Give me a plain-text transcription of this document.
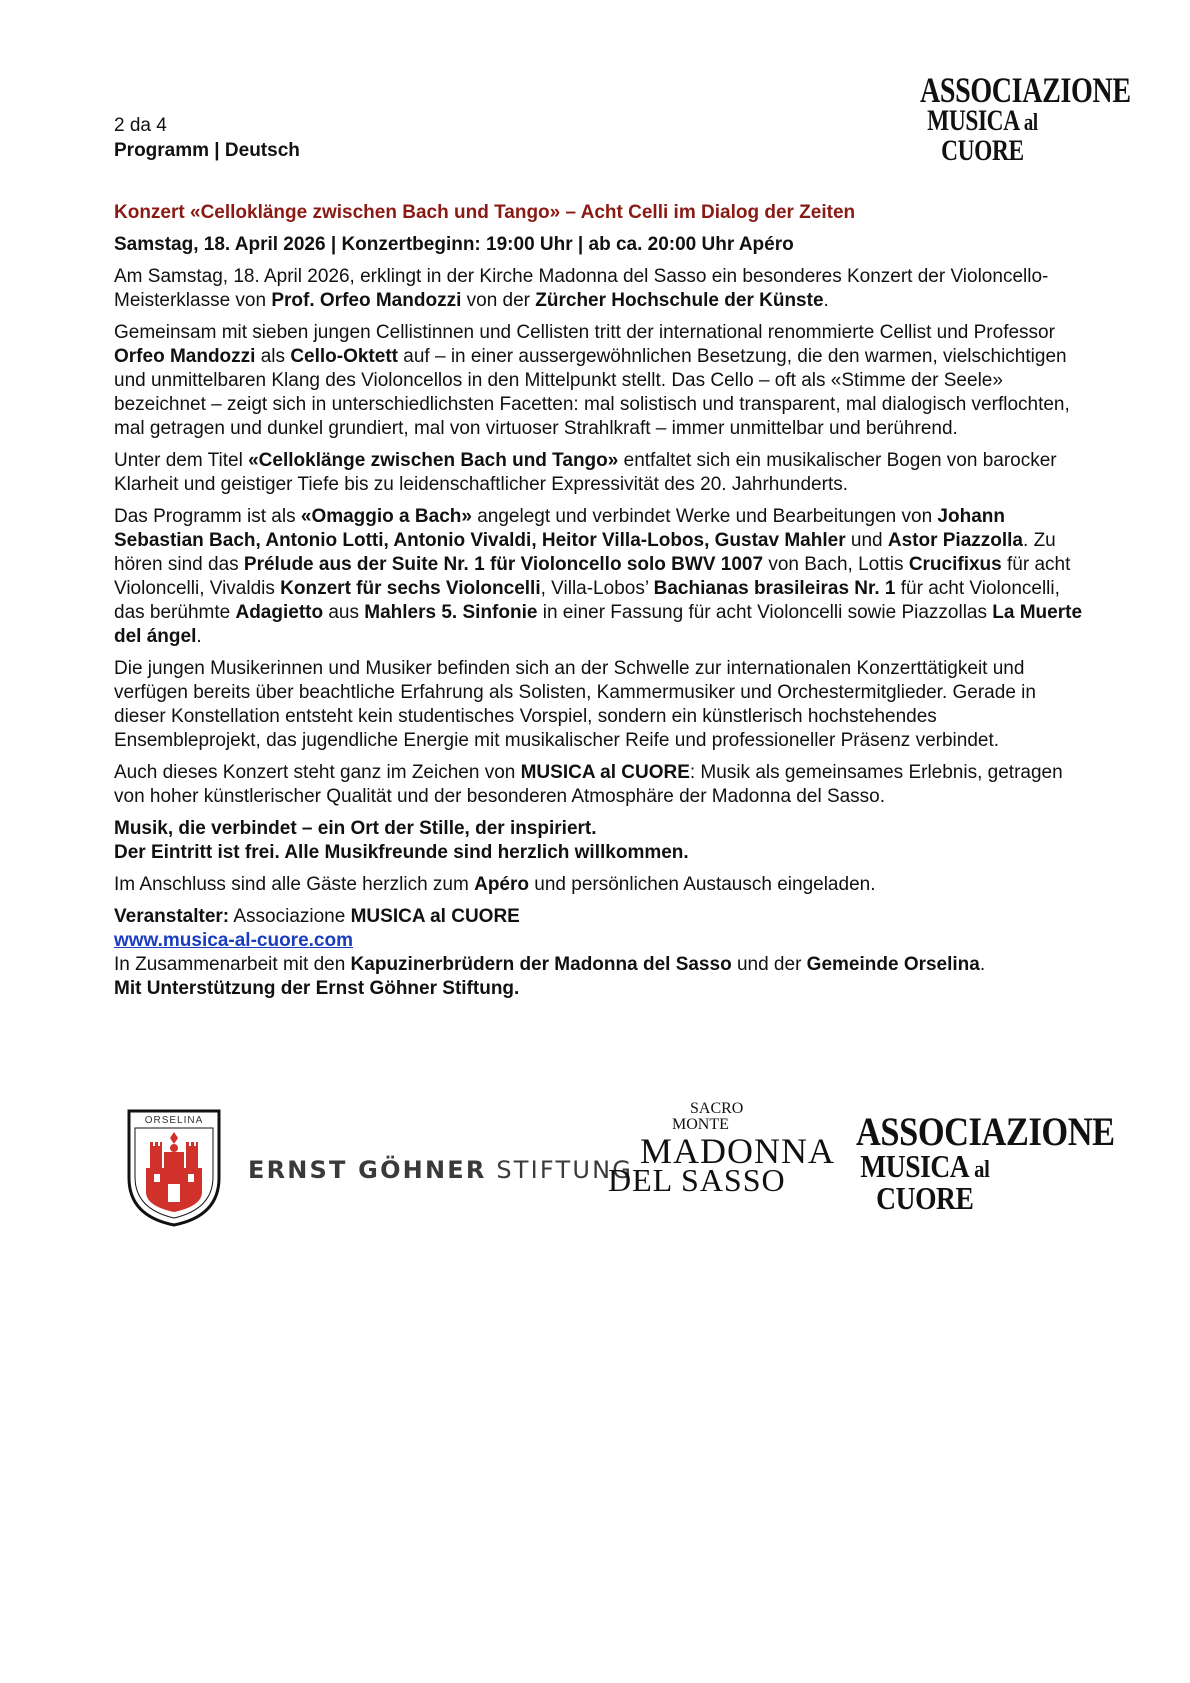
ASSOCIAZIONE
MUSICA al CUORE
2 da 4
Programm | Deutsch

Konzert «Celloklänge zwischen Bach und Tango» – Acht Celli im Dialog der Zeiten

Samstag, 18. April 2026 | Konzertbeginn: 19:00 Uhr | ab ca. 20:00 Uhr Apéro

Am Samstag, 18. April 2026, erklingt in der Kirche Madonna del Sasso ein besonderes Konzert der Violoncello-Meisterklasse von Prof. Orfeo Mandozzi von der Zürcher Hochschule der Künste.

Gemeinsam mit sieben jungen Cellistinnen und Cellisten tritt der international renommierte Cellist und Professor Orfeo Mandozzi als Cello-Oktett auf – in einer aussergewöhnlichen Besetzung, die den warmen, vielschichtigen und unmittelbaren Klang des Violoncellos in den Mittelpunkt stellt. Das Cello – oft als «Stimme der Seele» bezeichnet – zeigt sich in unterschiedlichsten Facetten: mal solistisch und transparent, mal dialogisch verflochten, mal getragen und dunkel grundiert, mal von virtuoser Strahlkraft – immer unmittelbar und berührend.

Unter dem Titel «Celloklänge zwischen Bach und Tango» entfaltet sich ein musikalischer Bogen von barocker Klarheit und geistiger Tiefe bis zu leidenschaftlicher Expressivität des 20. Jahrhunderts.

Das Programm ist als «Omaggio a Bach» angelegt und verbindet Werke und Bearbeitungen von Johann Sebastian Bach, Antonio Lotti, Antonio Vivaldi, Heitor Villa-Lobos, Gustav Mahler und Astor Piazzolla. Zu hören sind das Prélude aus der Suite Nr. 1 für Violoncello solo BWV 1007 von Bach, Lottis Crucifixus für acht Violoncelli, Vivaldis Konzert für sechs Violoncelli, Villa-Lobos’ Bachianas brasileiras Nr. 1 für acht Violoncelli, das berühmte Adagietto aus Mahlers 5. Sinfonie in einer Fassung für acht Violoncelli sowie Piazzollas La Muerte del ángel.

Die jungen Musikerinnen und Musiker befinden sich an der Schwelle zur internationalen Konzerttätigkeit und verfügen bereits über beachtliche Erfahrung als Solisten, Kammermusiker und Orchestermitglieder. Gerade in dieser Konstellation entsteht kein studentisches Vorspiel, sondern ein künstlerisch hochstehendes Ensembleprojekt, das jugendliche Energie mit musikalischer Reife und professioneller Präsenz verbindet.

Auch dieses Konzert steht ganz im Zeichen von MUSICA al CUORE: Musik als gemeinsames Erlebnis, getragen von hoher künstlerischer Qualität und der besonderen Atmosphäre der Madonna del Sasso.

Musik, die verbindet – ein Ort der Stille, der inspiriert.
Der Eintritt ist frei. Alle Musikfreunde sind herzlich willkommen.

Im Anschluss sind alle Gäste herzlich zum Apéro und persönlichen Austausch eingeladen.

Veranstalter: Associazione MUSICA al CUORE
www.musica-al-cuore.com
In Zusammenarbeit mit den Kapuzinerbrüdern der Madonna del Sasso und der Gemeinde Orselina.
Mit Unterstützung der Ernst Göhner Stiftung.

ORSELINA
ERNST GÖHNER STIFTUNG
SACRO
MONTE
MADONNA
DEL SASSO
ASSOCIAZIONE
MUSICA al CUORE
